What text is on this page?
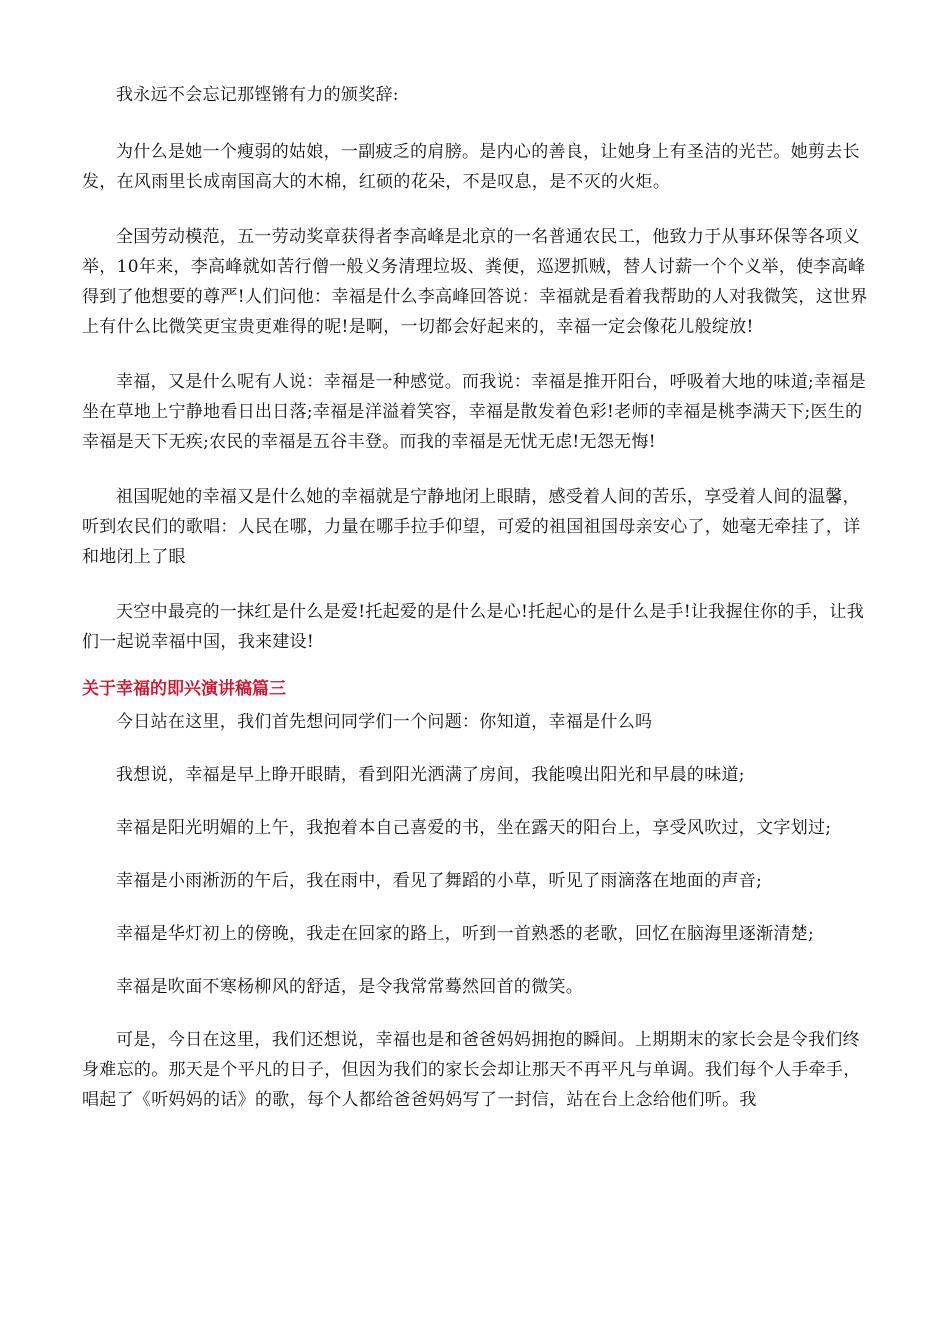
我永远不会忘记那铿锵有力的颁奖辞:

为什么是她一个瘦弱的姑娘，一副疲乏的肩膀。是内心的善良，让她身上有圣洁的光芒。她剪去长发，在风雨里长成南国高大的木棉，红硕的花朵，不是叹息，是不灭的火炬。

全国劳动模范，五一劳动奖章获得者李高峰是北京的一名普通农民工，他致力于从事环保等各项义举，10年来，李高峰就如苦行僧一般义务清理垃圾、粪便，巡逻抓贼，替人讨薪一个个义举，使李高峰得到了他想要的尊严!人们问他：幸福是什么李高峰回答说：幸福就是看着我帮助的人对我微笑，这世界上有什么比微笑更宝贵更难得的呢!是啊，一切都会好起来的，幸福一定会像花儿般绽放!

幸福，又是什么呢有人说：幸福是一种感觉。而我说：幸福是推开阳台，呼吸着大地的味道;幸福是坐在草地上宁静地看日出日落;幸福是洋溢着笑容，幸福是散发着色彩!老师的幸福是桃李满天下;医生的幸福是天下无疾;农民的幸福是五谷丰登。而我的幸福是无忧无虑!无怨无悔!

祖国呢她的幸福又是什么她的幸福就是宁静地闭上眼睛，感受着人间的苦乐，享受着人间的温馨，听到农民们的歌唱：人民在哪，力量在哪手拉手仰望，可爱的祖国祖国母亲安心了，她毫无牵挂了，详和地闭上了眼

天空中最亮的一抹红是什么是爱!托起爱的是什么是心!托起心的是什么是手!让我握住你的手，让我们一起说幸福中国，我来建设!

关于幸福的即兴演讲稿篇三

今日站在这里，我们首先想问同学们一个问题：你知道，幸福是什么吗

我想说，幸福是早上睁开眼睛，看到阳光洒满了房间，我能嗅出阳光和早晨的味道;

幸福是阳光明媚的上午，我抱着本自己喜爱的书，坐在露天的阳台上，享受风吹过，文字划过;

幸福是小雨淅沥的午后，我在雨中，看见了舞蹈的小草，听见了雨滴落在地面的声音;

幸福是华灯初上的傍晚，我走在回家的路上，听到一首熟悉的老歌，回忆在脑海里逐渐清楚;

幸福是吹面不寒杨柳风的舒适，是令我常常蓦然回首的微笑。

可是，今日在这里，我们还想说，幸福也是和爸爸妈妈拥抱的瞬间。上期期末的家长会是令我们终身难忘的。那天是个平凡的日子，但因为我们的家长会却让那天不再平凡与单调。我们每个人手牵手，唱起了《听妈妈的话》的歌，每个人都给爸爸妈妈写了一封信，站在台上念给他们听。我
